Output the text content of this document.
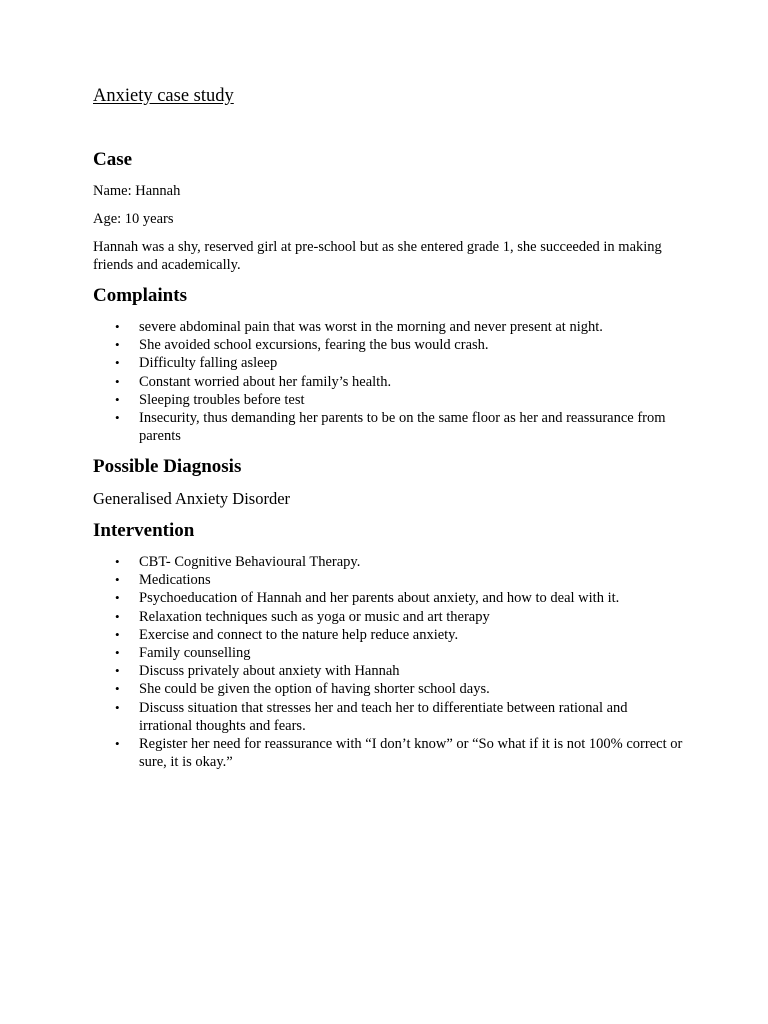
Anxiety case study
Case
Name: Hannah
Age: 10 years
Hannah was a shy, reserved girl at pre-school but as she entered grade 1, she succeeded in making friends and academically.
Complaints
• severe abdominal pain that was worst in the morning and never present at night.
• She avoided school excursions, fearing the bus would crash.
• Difficulty falling asleep
• Constant worried about her family’s health.
• Sleeping troubles before test
• Insecurity, thus demanding her parents to be on the same floor as her and reassurance from parents
Possible Diagnosis
Generalised Anxiety Disorder
Intervention
• CBT- Cognitive Behavioural Therapy.
• Medications
• Psychoeducation of Hannah and her parents about anxiety, and how to deal with it.
• Relaxation techniques such as yoga or music and art therapy
• Exercise and connect to the nature help reduce anxiety.
• Family counselling
• Discuss privately about anxiety with Hannah
• She could be given the option of having shorter school days.
• Discuss situation that stresses her and teach her to differentiate between rational and irrational thoughts and fears.
• Register her need for reassurance with “I don’t know” or “So what if it is not 100% correct or sure, it is okay.”
